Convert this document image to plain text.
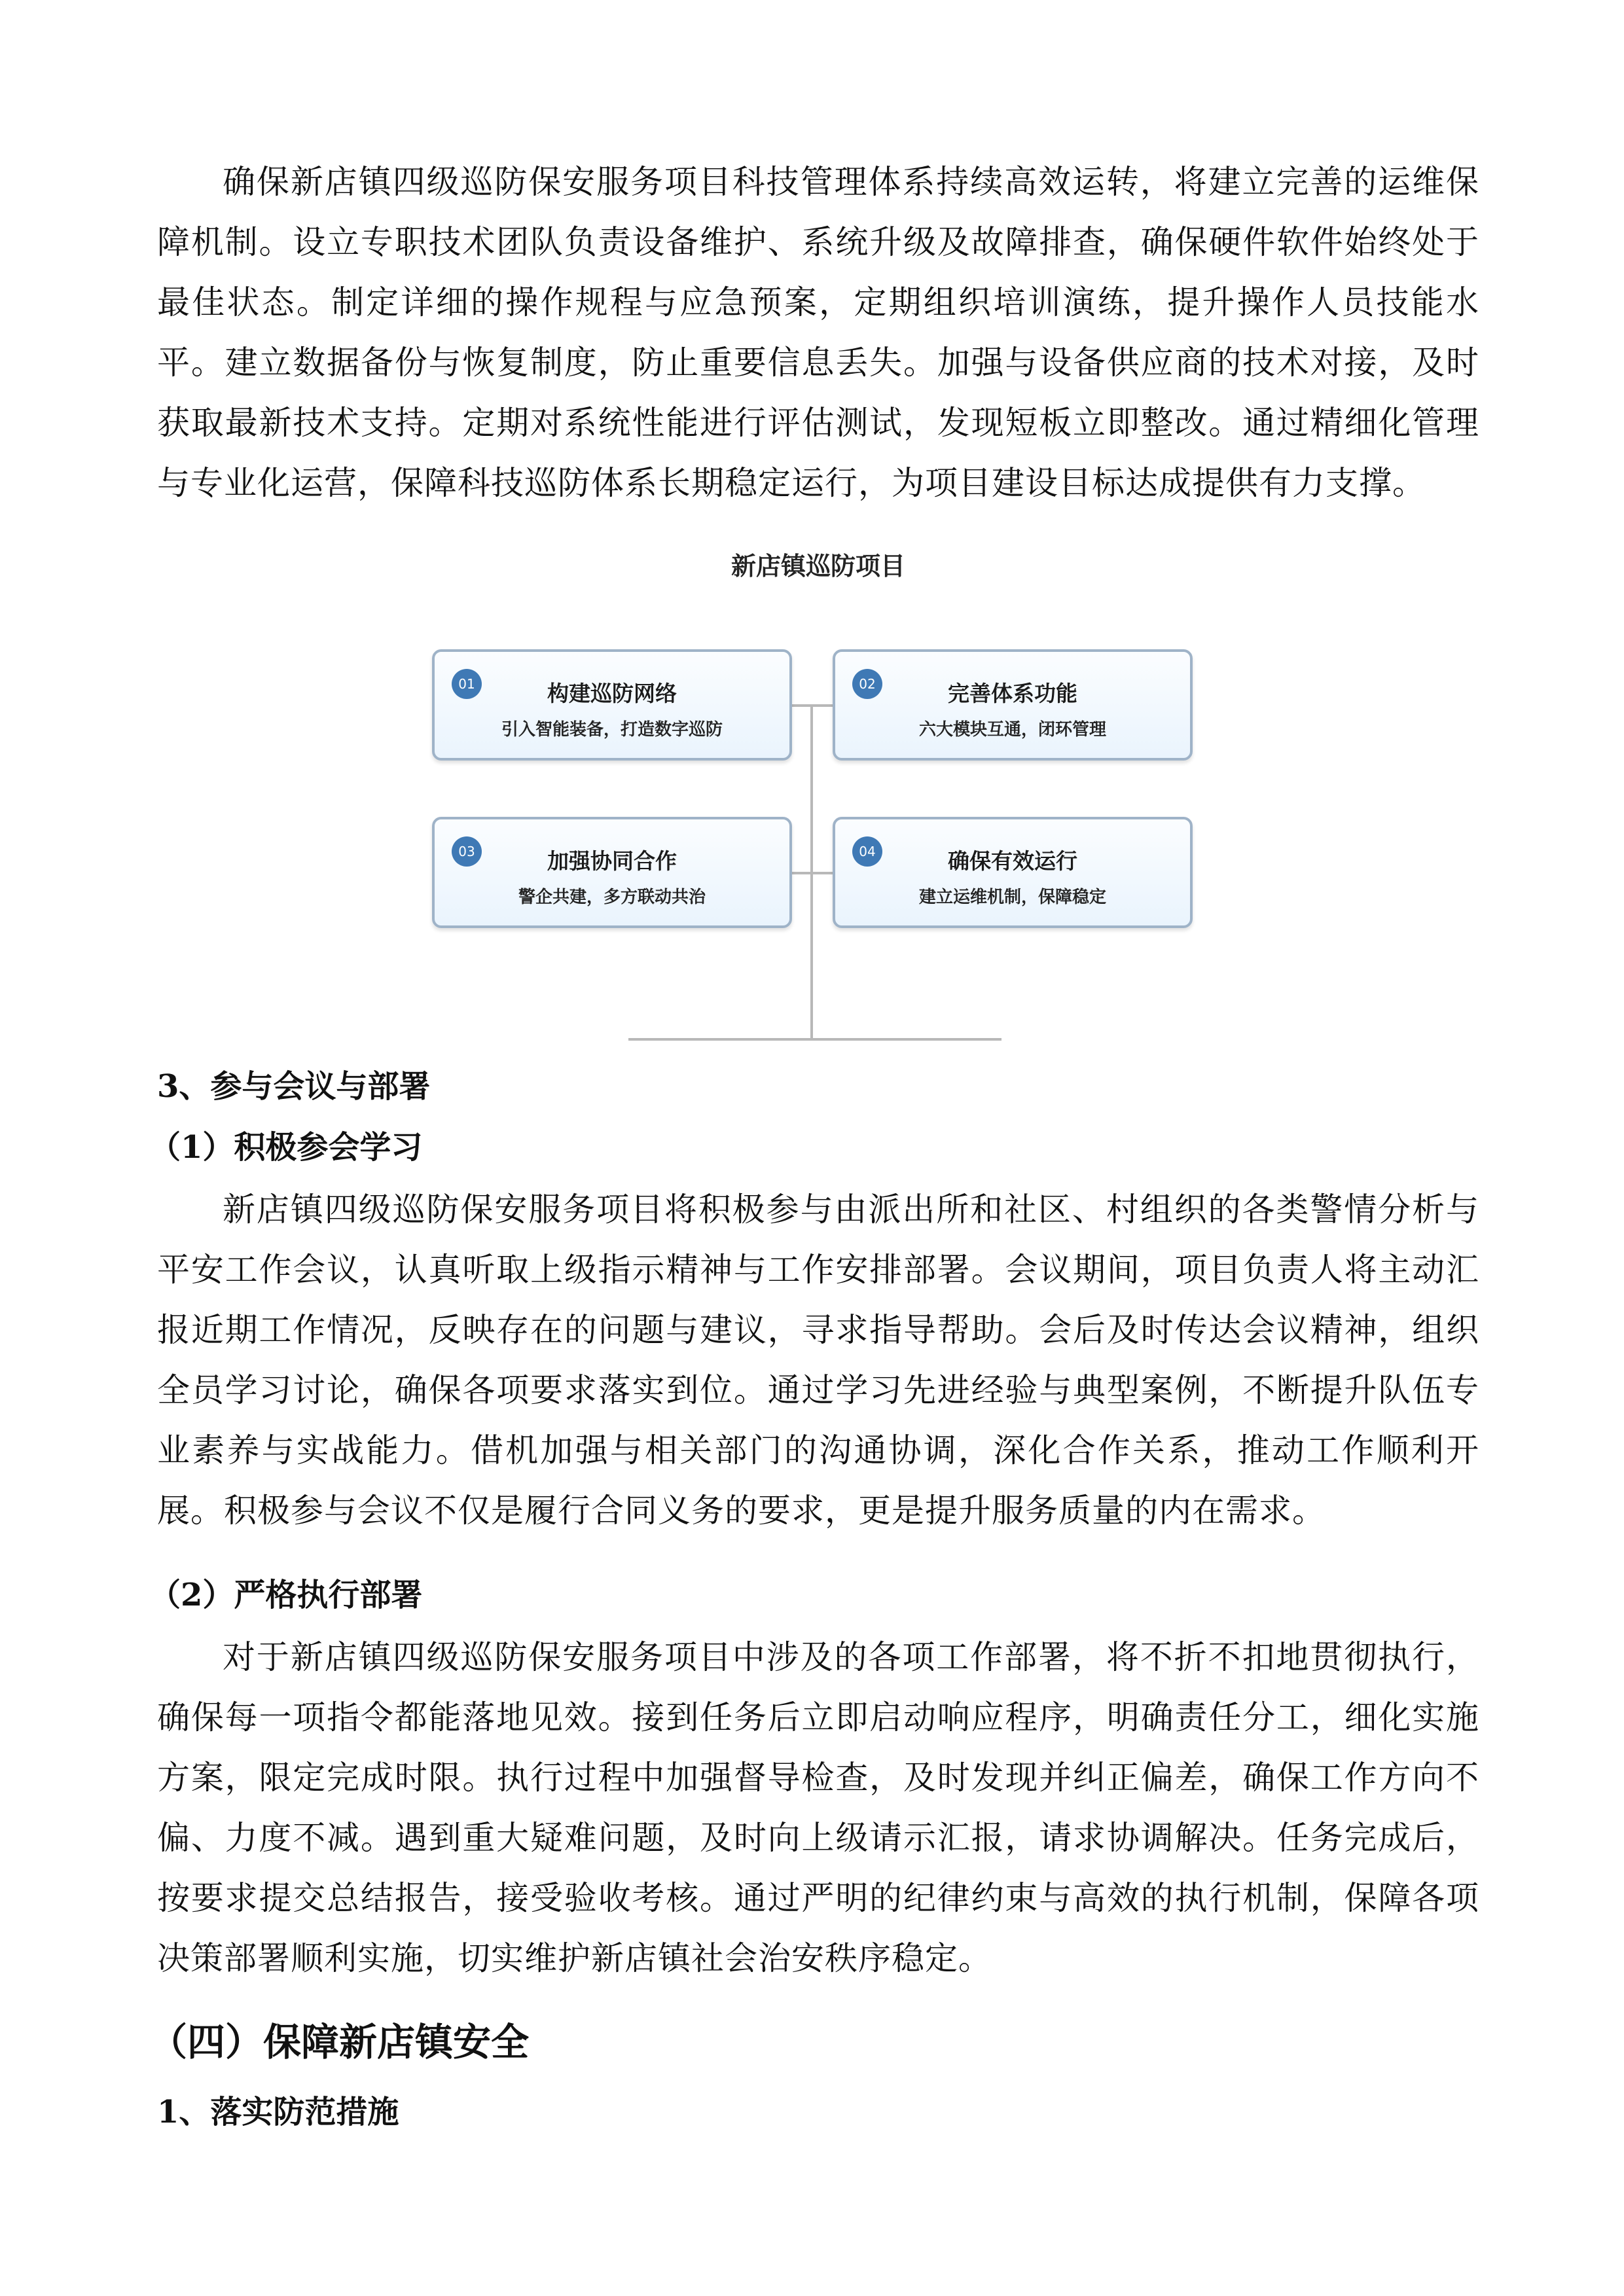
确保新店镇四级巡防保安服务项目科技管理体系持续高效运转，将建立完善的运维保障机制。设立专职技术团队负责设备维护、系统升级及故障排查，确保硬件软件始终处于最佳状态。制定详细的操作规程与应急预案，定期组织培训演练，提升操作人员技能水平。建立数据备份与恢复制度，防止重要信息丢失。加强与设备供应商的技术对接，及时获取最新技术支持。定期对系统性能进行评估测试，发现短板立即整改。通过精细化管理与专业化运营，保障科技巡防体系长期稳定运行，为项目建设目标达成提供有力支撑。

新店镇巡防项目
01	构建巡防网络
引入智能装备，打造数字巡防
02	完善体系功能
六大模块互通，闭环管理
03	加强协同合作
警企共建，多方联动共治
04	确保有效运行
建立运维机制，保障稳定
3、参与会议与部署
（1）积极参会学习

新店镇四级巡防保安服务项目将积极参与由派出所和社区、村组织的各类警情分析与平安工作会议，认真听取上级指示精神与工作安排部署。会议期间，项目负责人将主动汇报近期工作情况，反映存在的问题与建议，寻求指导帮助。会后及时传达会议精神，组织全员学习讨论，确保各项要求落实到位。通过学习先进经验与典型案例，不断提升队伍专业素养与实战能力。借机加强与相关部门的沟通协调，深化合作关系，推动工作顺利开展。积极参与会议不仅是履行合同义务的要求，更是提升服务质量的内在需求。

（2）严格执行部署

对于新店镇四级巡防保安服务项目中涉及的各项工作部署，将不折不扣地贯彻执行，确保每一项指令都能落地见效。接到任务后立即启动响应程序，明确责任分工，细化实施方案，限定完成时限。执行过程中加强督导检查，及时发现并纠正偏差，确保工作方向不偏、力度不减。遇到重大疑难问题，及时向上级请示汇报，请求协调解决。任务完成后，按要求提交总结报告，接受验收考核。通过严明的纪律约束与高效的执行机制，保障各项决策部署顺利实施，切实维护新店镇社会治安秩序稳定。

（四）保障新店镇安全
1、落实防范措施
